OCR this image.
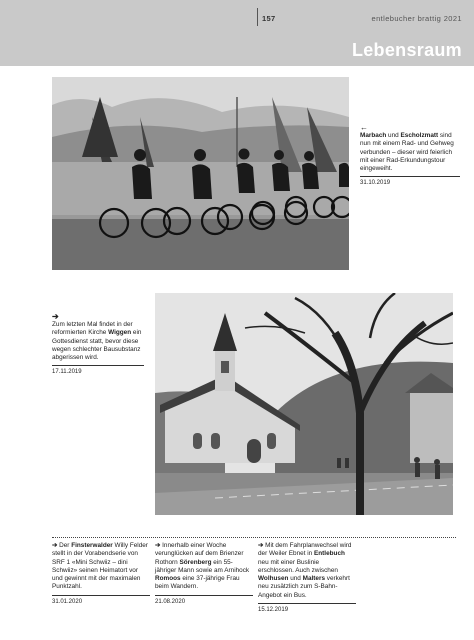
157	entlebucher brattig 2021
Lebensraum
←
Marbach und Escholzmatt sind nun mit einem Rad- und Gehweg verbunden – dieser wird feierlich mit einer Rad-Erkundungstour eingeweiht.
31.10.2019
➔
Zum letzten Mal findet in der reformierten Kirche Wiggen ein Gottesdienst statt, bevor diese wegen schlechter Bausubstanz abgerissen wird.
17.11.2019
➔ Der Finsterwalder Willy Felder stellt in der Vorabendserie von SRF 1 «Mini Schwiiz – dini Schwiiz» seinen Heimatort vor und gewinnt mit der maximalen Punktzahl.
31.01.2020
➔ Innerhalb einer Woche verunglücken auf dem Brienzer Rothorn Sörenberg ein 55-jähriger Mann sowie am Arnihock Romoos eine 37-jährige Frau beim Wandern.
21.08.2020
➔ Mit dem Fahrplanwechsel wird der Weiler Ebnet in Entlebuch neu mit einer Buslinie erschlossen. Auch zwischen Wolhusen und Malters verkehrt neu zusätzlich zum S-Bahn-Angebot ein Bus.
15.12.2019
